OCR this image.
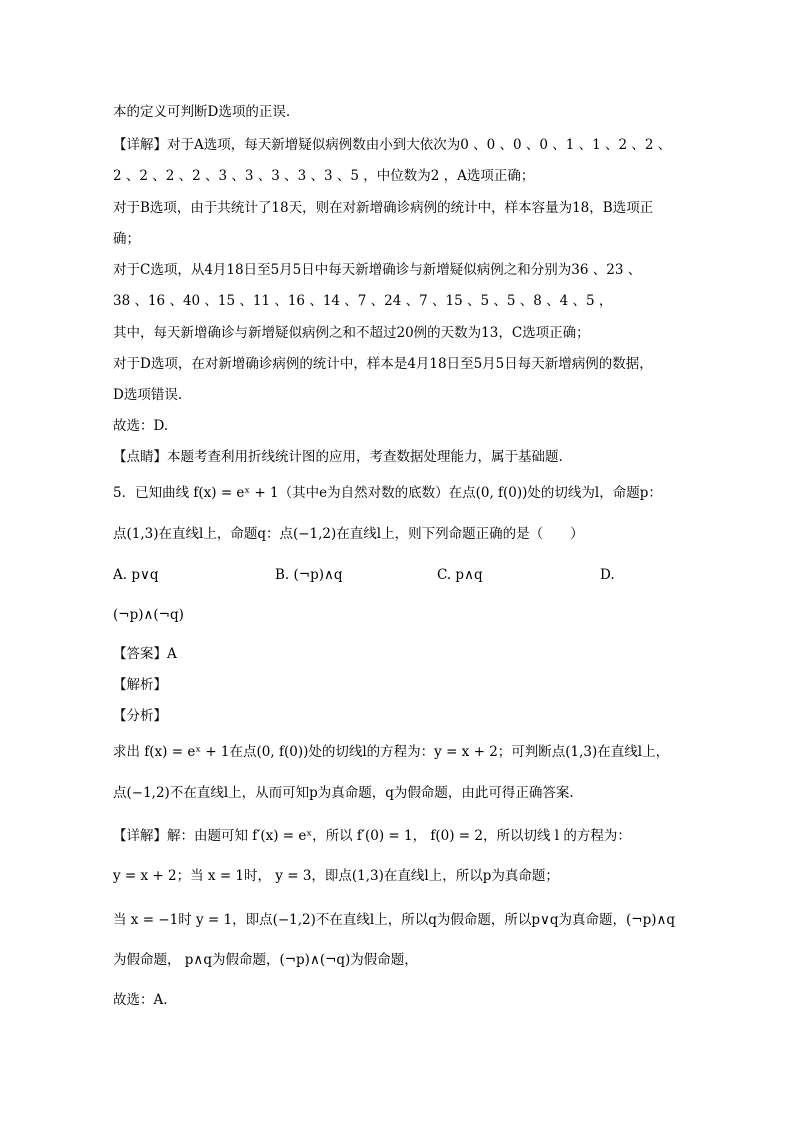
本的定义可判断D选项的正误.
【详解】对于A选项，每天新增疑似病例数由小到大依次为0 、0 、0 、0 、1 、1 、2 、2 、
2 、2 、2 、2 、3 、3 、3 、3 、3 、5 ，中位数为2 ，A选项正确；
对于B选项，由于共统计了18天，则在对新增确诊病例的统计中，样本容量为18，B选项正
确；
对于C选项，从4月18日至5月5日中每天新增确诊与新增疑似病例之和分别为36 、23 、
38 、16 、40 、15 、11 、16 、14 、7 、24 、7 、15 、5 、5 、8 、4 、5 ，
其中，每天新增确诊与新增疑似病例之和不超过20例的天数为13，C选项正确；
对于D选项，在对新增确诊病例的统计中，样本是4月18日至5月5日每天新增病例的数据，
D选项错误.
故选：D.
【点睛】本题考查利用折线统计图的应用，考查数据处理能力，属于基础题.
5．已知曲线 f(x) = eˣ + 1（其中e为自然对数的底数）在点(0, f(0))处的切线为l，命题p：
点(1,3)在直线l上，命题q：点(−1,2)在直线l上，则下列命题正确的是（　　）
A. p∨q	B. (¬p)∧q	C. p∧q	D.
(¬p)∧(¬q)
【答案】A
【解析】
【分析】
求出 f(x) = eˣ + 1在点(0, f(0))处的切线l的方程为：y = x + 2；可判断点(1,3)在直线l上，
点(−1,2)不在直线l上，从而可知p为真命题，q为假命题，由此可得正确答案.
【详解】解：由题可知 f′(x) = eˣ，所以 f′(0) = 1， f(0) = 2，所以切线 l 的方程为：
y = x + 2；当 x = 1时， y = 3，即点(1,3)在直线l上，所以p为真命题；
当 x = −1时 y = 1，即点(−1,2)不在直线l上，所以q为假命题，所以p∨q为真命题，(¬p)∧q
为假命题， p∧q为假命题，(¬p)∧(¬q)为假命题，
故选：A.
